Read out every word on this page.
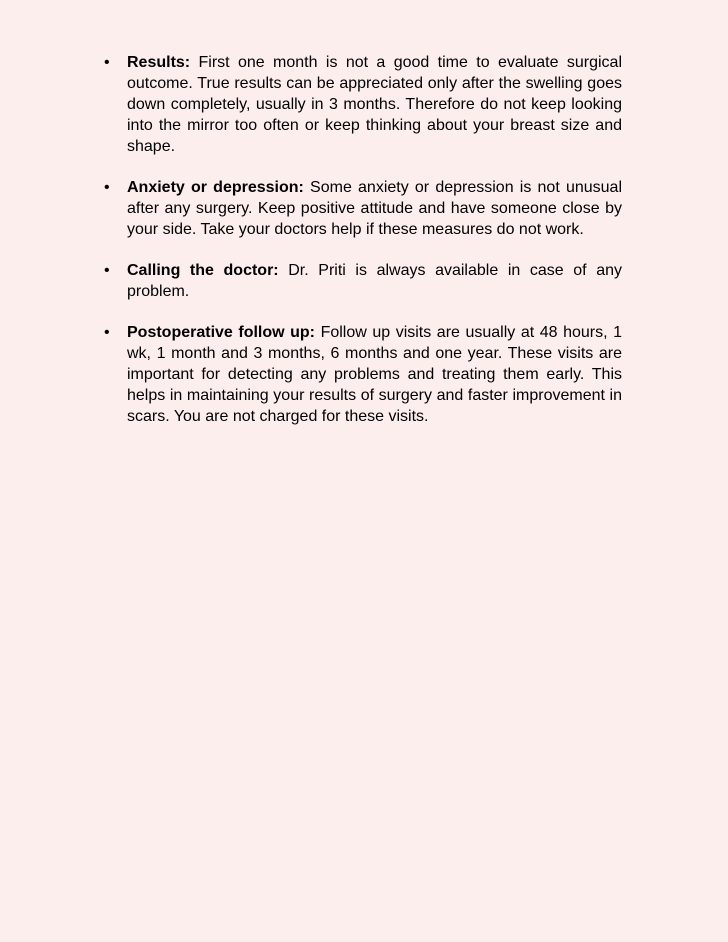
•	Results: First one month is not a good time to evaluate surgical outcome. True results can be appreciated only after the swelling goes down completely, usually in 3 months. Therefore do not keep looking into the mirror too often or keep thinking about your breast size and shape.
•	Anxiety or depression: Some anxiety or depression is not unusual after any surgery. Keep positive attitude and have someone close by your side. Take your doctors help if these measures do not work.
•	Calling the doctor: Dr. Priti is always available in case of any problem.
•	Postoperative follow up: Follow up visits are usually at 48 hours, 1 wk, 1 month and 3 months, 6 months and one year. These visits are important for detecting any problems and treating them early. This helps in maintaining your results of surgery and faster improvement in scars. You are not charged for these visits.
